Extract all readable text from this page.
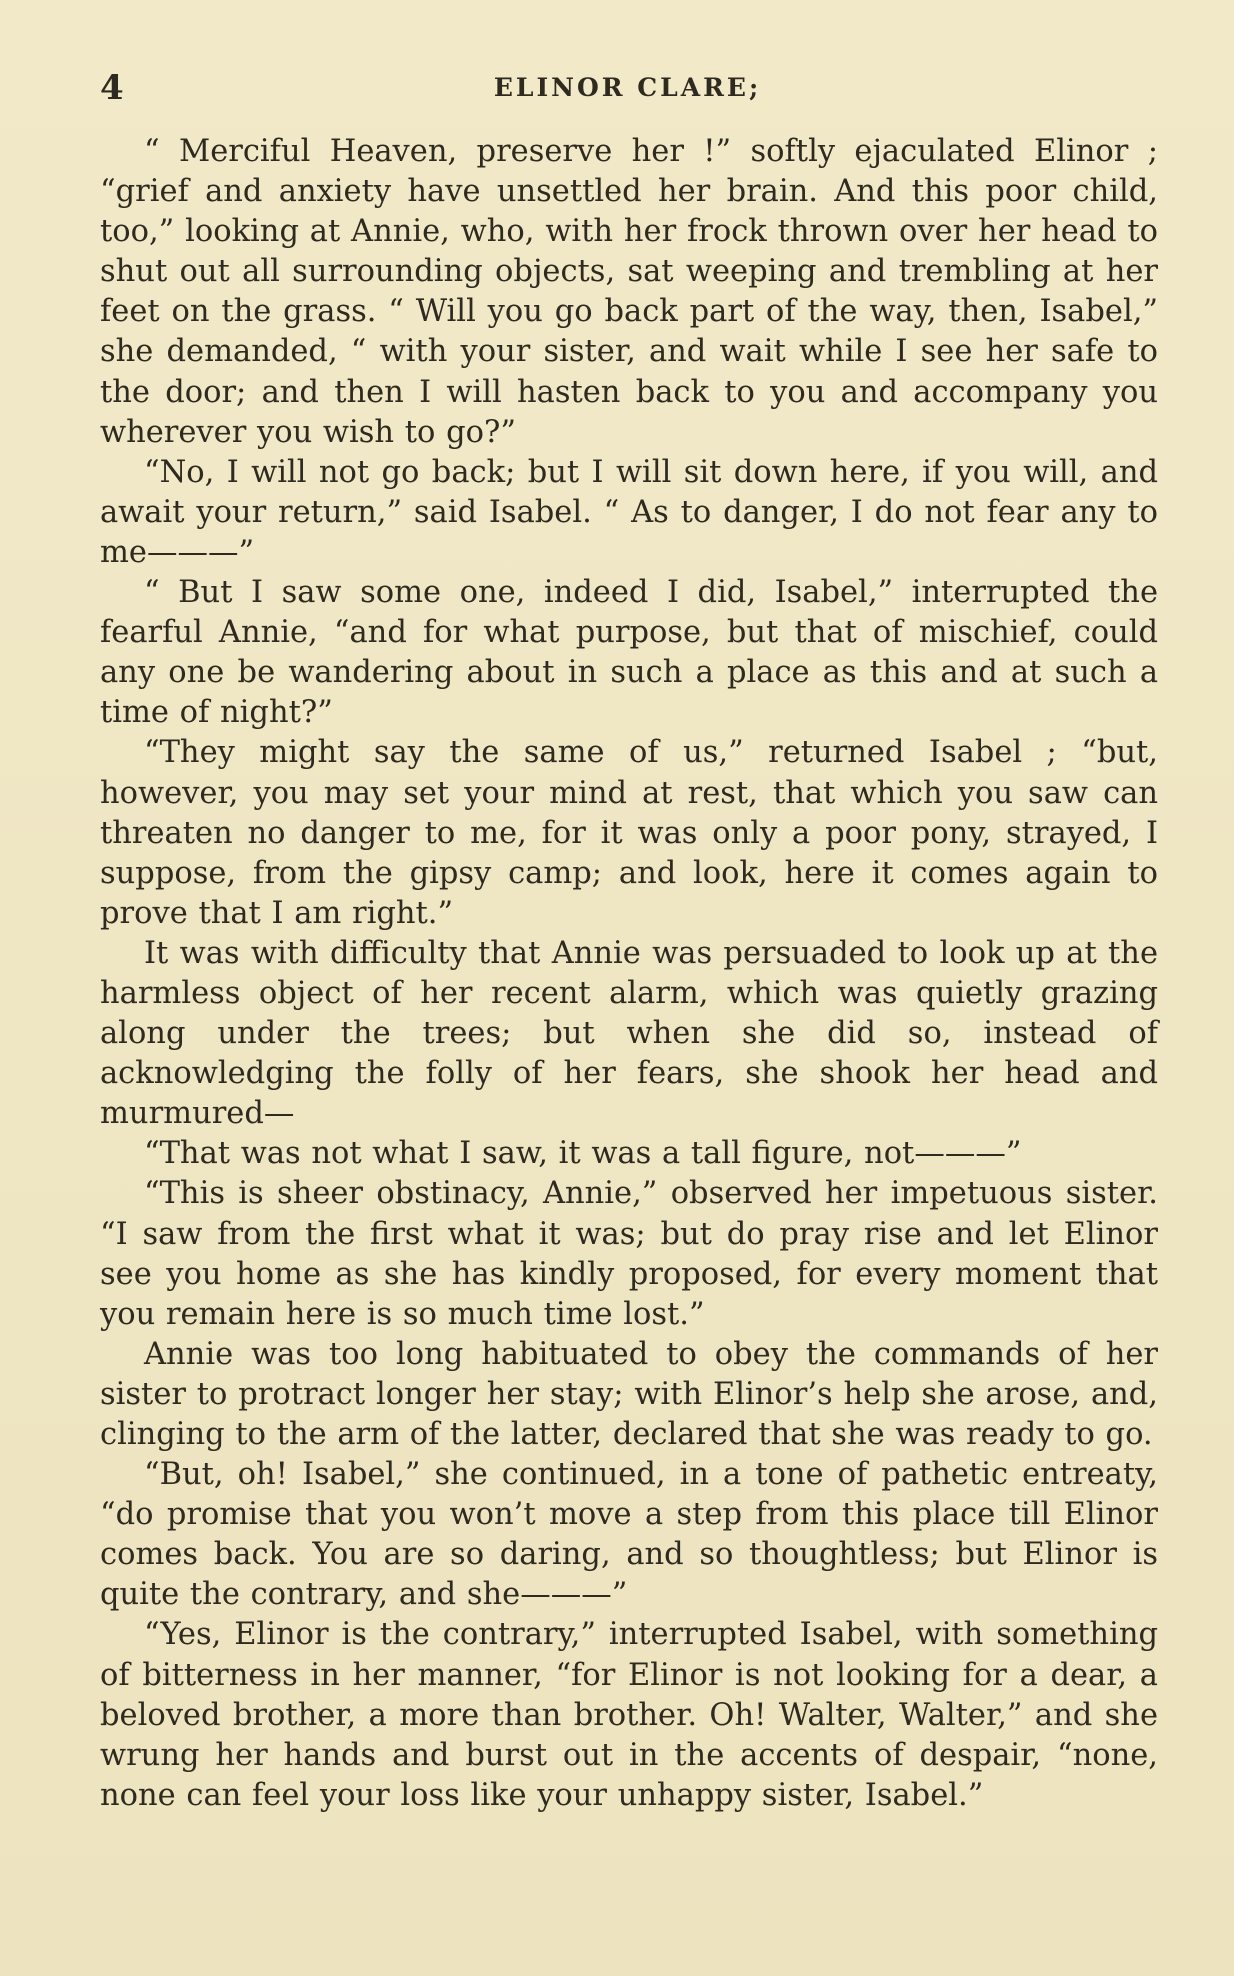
4	ELINOR CLARE;

“ Merciful Heaven, preserve her !” softly ejaculated Elinor ; “grief and anxiety have unsettled her brain. And this poor child, too,” looking at Annie, who, with her frock thrown over her head to shut out all surrounding objects, sat weeping and trembling at her feet on the grass. “ Will you go back part of the way, then, Isabel,” she demanded, “ with your sister, and wait while I see her safe to the door; and then I will hasten back to you and accompany you wherever you wish to go?”

“No, I will not go back; but I will sit down here, if you will, and await your return,” said Isabel. “ As to danger, I do not fear any to me———”

“ But I saw some one, indeed I did, Isabel,” interrupted the fearful Annie, “and for what purpose, but that of mischief, could any one be wandering about in such a place as this and at such a time of night?”

“They might say the same of us,” returned Isabel ; “but, however, you may set your mind at rest, that which you saw can threaten no danger to me, for it was only a poor pony, strayed, I suppose, from the gipsy camp; and look, here it comes again to prove that I am right.”

It was with difficulty that Annie was persuaded to look up at the harmless object of her recent alarm, which was quietly grazing along under the trees; but when she did so, instead of acknowledging the folly of her fears, she shook her head and murmured—

“That was not what I saw, it was a tall figure, not———”

“This is sheer obstinacy, Annie,” observed her impetuous sister. “I saw from the first what it was; but do pray rise and let Elinor see you home as she has kindly proposed, for every moment that you remain here is so much time lost.”

Annie was too long habituated to obey the commands of her sister to protract longer her stay; with Elinor’s help she arose, and, clinging to the arm of the latter, declared that she was ready to go.

“But, oh! Isabel,” she continued, in a tone of pathetic entreaty, “do promise that you won’t move a step from this place till Elinor comes back. You are so daring, and so thoughtless; but Elinor is quite the contrary, and she———”

“Yes, Elinor is the contrary,” interrupted Isabel, with something of bitterness in her manner, “for Elinor is not looking for a dear, a beloved brother, a more than brother. Oh! Walter, Walter,” and she wrung her hands and burst out in the accents of despair, “none, none can feel your loss like your unhappy sister, Isabel.”
